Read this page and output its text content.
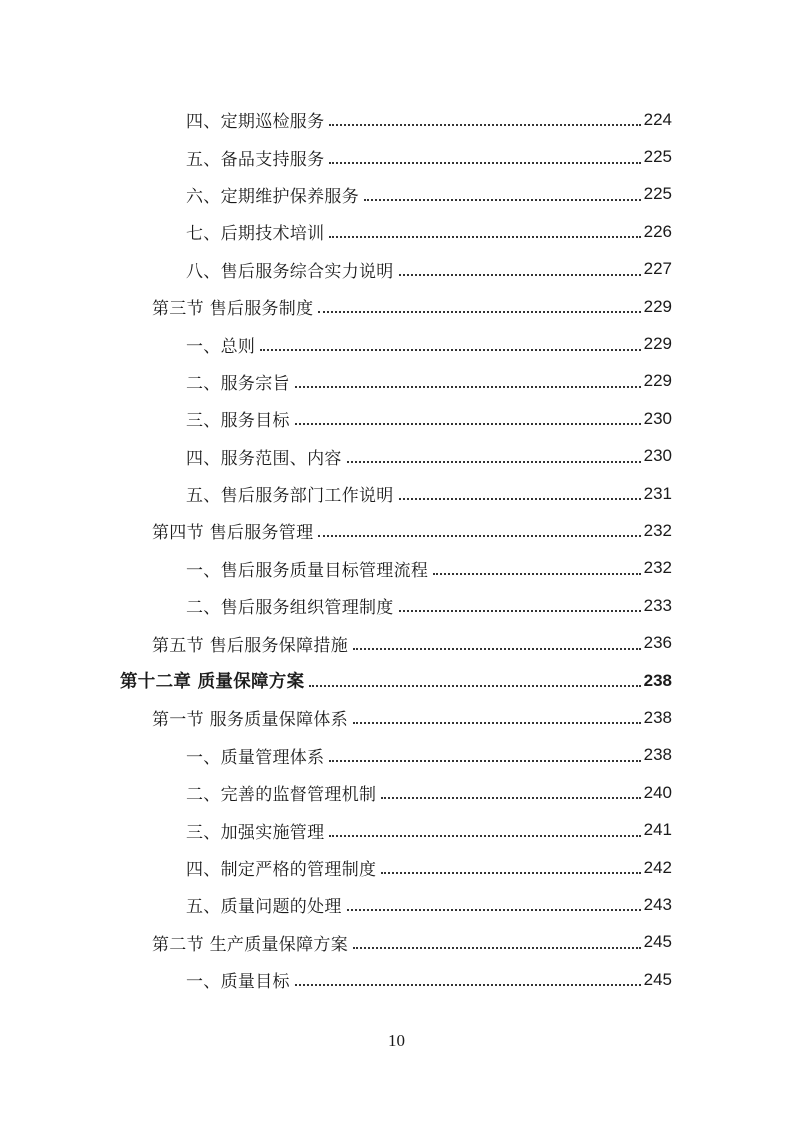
四、定期巡检服务	224
五、备品支持服务	225
六、定期维护保养服务	225
七、后期技术培训	226
八、售后服务综合实力说明	227
第三节 售后服务制度	229
一、总则	229
二、服务宗旨	229
三、服务目标	230
四、服务范围、内容	230
五、售后服务部门工作说明	231
第四节 售后服务管理	232
一、售后服务质量目标管理流程	232
二、售后服务组织管理制度	233
第五节 售后服务保障措施	236
第十二章 质量保障方案	238
第一节 服务质量保障体系	238
一、质量管理体系	238
二、完善的监督管理机制	240
三、加强实施管理	241
四、制定严格的管理制度	242
五、质量问题的处理	243
第二节 生产质量保障方案	245
一、质量目标	245
10
